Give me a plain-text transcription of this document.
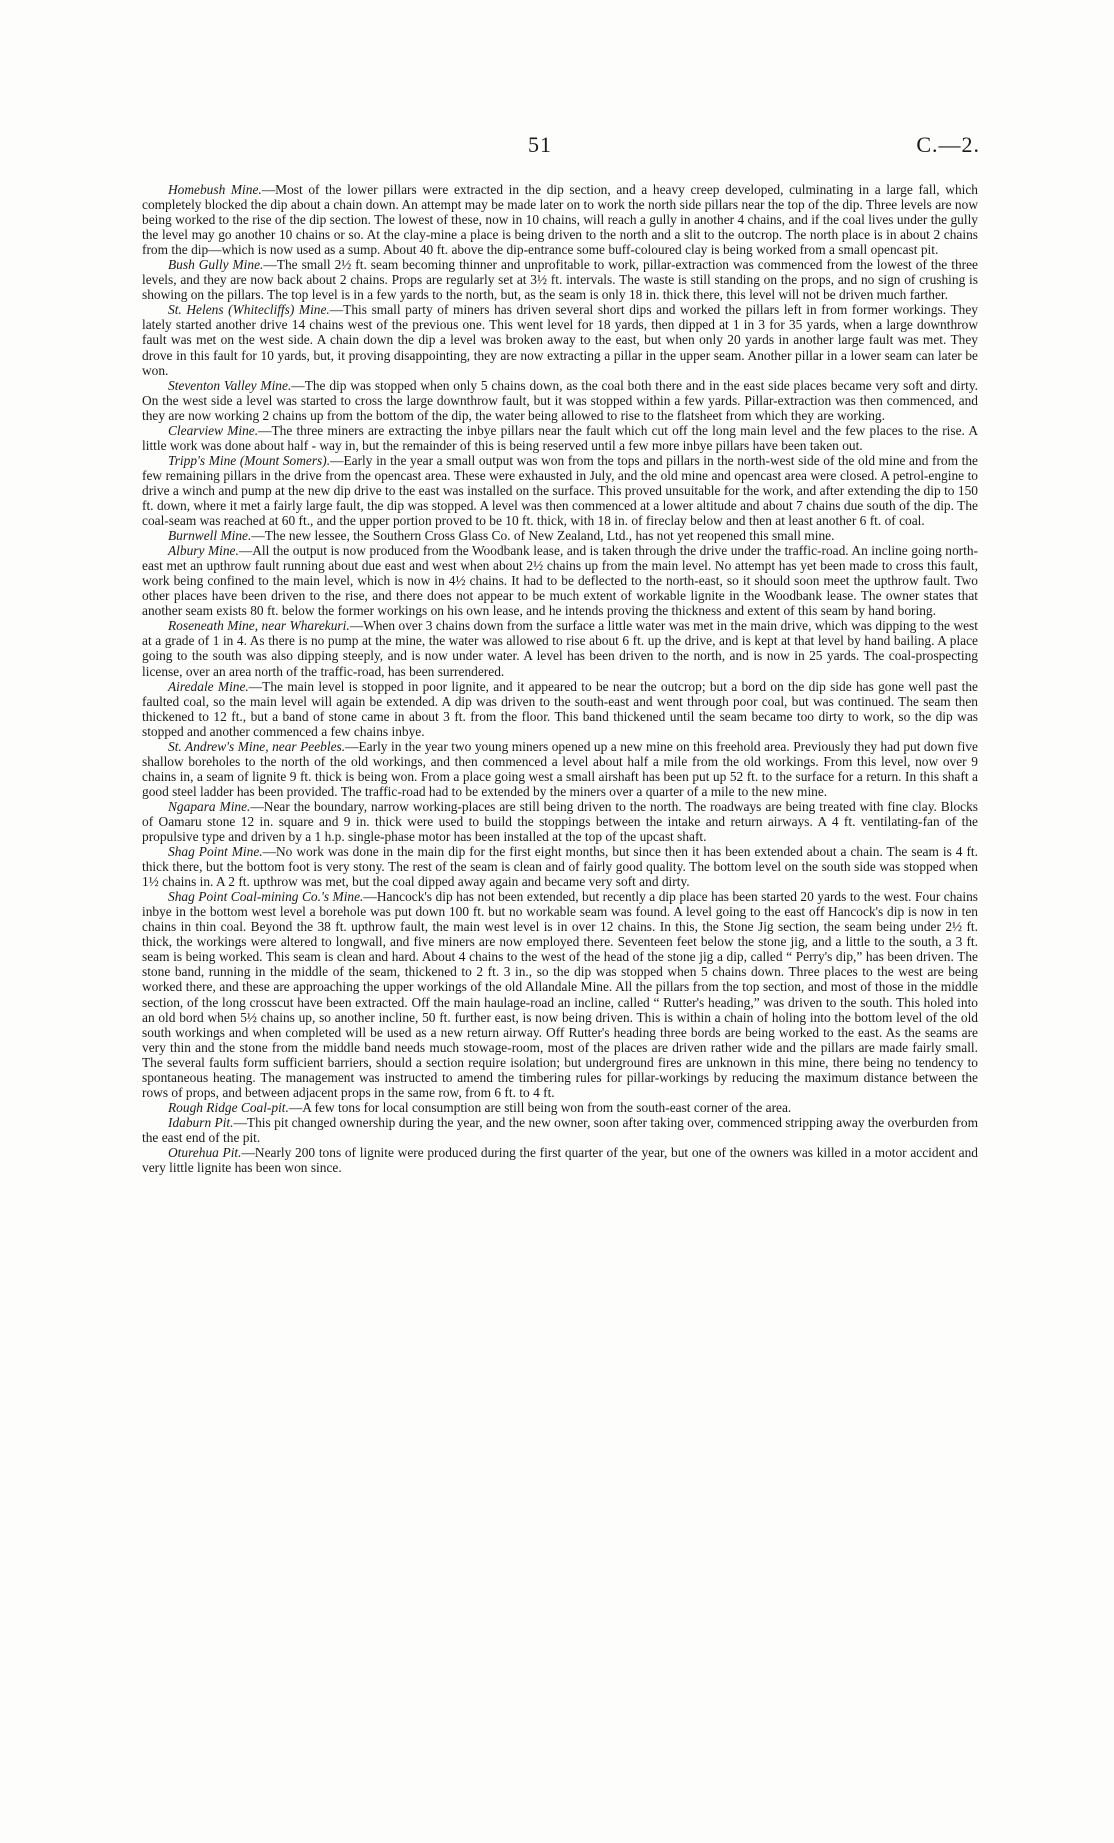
51	C.—2.

Homebush Mine.—Most of the lower pillars were extracted in the dip section, and a heavy creep developed, culminating in a large fall, which completely blocked the dip about a chain down. An attempt may be made later on to work the north side pillars near the top of the dip. Three levels are now being worked to the rise of the dip section. The lowest of these, now in 10 chains, will reach a gully in another 4 chains, and if the coal lives under the gully the level may go another 10 chains or so. At the clay-mine a place is being driven to the north and a slit to the outcrop. The north place is in about 2 chains from the dip—which is now used as a sump. About 40 ft. above the dip-entrance some buff-coloured clay is being worked from a small opencast pit.

Bush Gully Mine.—The small 2½ ft. seam becoming thinner and unprofitable to work, pillar-extraction was commenced from the lowest of the three levels, and they are now back about 2 chains. Props are regularly set at 3½ ft. intervals. The waste is still standing on the props, and no sign of crushing is showing on the pillars. The top level is in a few yards to the north, but, as the seam is only 18 in. thick there, this level will not be driven much farther.

St. Helens (Whitecliffs) Mine.—This small party of miners has driven several short dips and worked the pillars left in from former workings. They lately started another drive 14 chains west of the previous one. This went level for 18 yards, then dipped at 1 in 3 for 35 yards, when a large downthrow fault was met on the west side. A chain down the dip a level was broken away to the east, but when only 20 yards in another large fault was met. They drove in this fault for 10 yards, but, it proving disappointing, they are now extracting a pillar in the upper seam. Another pillar in a lower seam can later be won.

Steventon Valley Mine.—The dip was stopped when only 5 chains down, as the coal both there and in the east side places became very soft and dirty. On the west side a level was started to cross the large downthrow fault, but it was stopped within a few yards. Pillar-extraction was then commenced, and they are now working 2 chains up from the bottom of the dip, the water being allowed to rise to the flatsheet from which they are working.

Clearview Mine.—The three miners are extracting the inbye pillars near the fault which cut off the long main level and the few places to the rise. A little work was done about half - way in, but the remainder of this is being reserved until a few more inbye pillars have been taken out.

Tripp's Mine (Mount Somers).—Early in the year a small output was won from the tops and pillars in the north-west side of the old mine and from the few remaining pillars in the drive from the opencast area. These were exhausted in July, and the old mine and opencast area were closed. A petrol-engine to drive a winch and pump at the new dip drive to the east was installed on the surface. This proved unsuitable for the work, and after extending the dip to 150 ft. down, where it met a fairly large fault, the dip was stopped. A level was then commenced at a lower altitude and about 7 chains due south of the dip. The coal-seam was reached at 60 ft., and the upper portion proved to be 10 ft. thick, with 18 in. of fireclay below and then at least another 6 ft. of coal.

Burnwell Mine.—The new lessee, the Southern Cross Glass Co. of New Zealand, Ltd., has not yet reopened this small mine.

Albury Mine.—All the output is now produced from the Woodbank lease, and is taken through the drive under the traffic-road. An incline going north-east met an upthrow fault running about due east and west when about 2½ chains up from the main level. No attempt has yet been made to cross this fault, work being confined to the main level, which is now in 4½ chains. It had to be deflected to the north-east, so it should soon meet the upthrow fault. Two other places have been driven to the rise, and there does not appear to be much extent of workable lignite in the Woodbank lease. The owner states that another seam exists 80 ft. below the former workings on his own lease, and he intends proving the thickness and extent of this seam by hand boring.

Roseneath Mine, near Wharekuri.—When over 3 chains down from the surface a little water was met in the main drive, which was dipping to the west at a grade of 1 in 4. As there is no pump at the mine, the water was allowed to rise about 6 ft. up the drive, and is kept at that level by hand bailing. A place going to the south was also dipping steeply, and is now under water. A level has been driven to the north, and is now in 25 yards. The coal-prospecting license, over an area north of the traffic-road, has been surrendered.

Airedale Mine.—The main level is stopped in poor lignite, and it appeared to be near the outcrop; but a bord on the dip side has gone well past the faulted coal, so the main level will again be extended. A dip was driven to the south-east and went through poor coal, but was continued. The seam then thickened to 12 ft., but a band of stone came in about 3 ft. from the floor. This band thickened until the seam became too dirty to work, so the dip was stopped and another commenced a few chains inbye.

St. Andrew's Mine, near Peebles.—Early in the year two young miners opened up a new mine on this freehold area. Previously they had put down five shallow boreholes to the north of the old workings, and then commenced a level about half a mile from the old workings. From this level, now over 9 chains in, a seam of lignite 9 ft. thick is being won. From a place going west a small airshaft has been put up 52 ft. to the surface for a return. In this shaft a good steel ladder has been provided. The traffic-road had to be extended by the miners over a quarter of a mile to the new mine.

Ngapara Mine.—Near the boundary, narrow working-places are still being driven to the north. The roadways are being treated with fine clay. Blocks of Oamaru stone 12 in. square and 9 in. thick were used to build the stoppings between the intake and return airways. A 4 ft. ventilating-fan of the propulsive type and driven by a 1 h.p. single-phase motor has been installed at the top of the upcast shaft.

Shag Point Mine.—No work was done in the main dip for the first eight months, but since then it has been extended about a chain. The seam is 4 ft. thick there, but the bottom foot is very stony. The rest of the seam is clean and of fairly good quality. The bottom level on the south side was stopped when 1½ chains in. A 2 ft. upthrow was met, but the coal dipped away again and became very soft and dirty.

Shag Point Coal-mining Co.'s Mine.—Hancock's dip has not been extended, but recently a dip place has been started 20 yards to the west. Four chains inbye in the bottom west level a borehole was put down 100 ft. but no workable seam was found. A level going to the east off Hancock's dip is now in ten chains in thin coal. Beyond the 38 ft. upthrow fault, the main west level is in over 12 chains. In this, the Stone Jig section, the seam being under 2½ ft. thick, the workings were altered to longwall, and five miners are now employed there. Seventeen feet below the stone jig, and a little to the south, a 3 ft. seam is being worked. This seam is clean and hard. About 4 chains to the west of the head of the stone jig a dip, called “ Perry's dip,” has been driven. The stone band, running in the middle of the seam, thickened to 2 ft. 3 in., so the dip was stopped when 5 chains down. Three places to the west are being worked there, and these are approaching the upper workings of the old Allandale Mine. All the pillars from the top section, and most of those in the middle section, of the long crosscut have been extracted. Off the main haulage-road an incline, called “ Rutter's heading,” was driven to the south. This holed into an old bord when 5½ chains up, so another incline, 50 ft. further east, is now being driven. This is within a chain of holing into the bottom level of the old south workings and when completed will be used as a new return airway. Off Rutter's heading three bords are being worked to the east. As the seams are very thin and the stone from the middle band needs much stowage-room, most of the places are driven rather wide and the pillars are made fairly small. The several faults form sufficient barriers, should a section require isolation; but underground fires are unknown in this mine, there being no tendency to spontaneous heating. The management was instructed to amend the timbering rules for pillar-workings by reducing the maximum distance between the rows of props, and between adjacent props in the same row, from 6 ft. to 4 ft.

Rough Ridge Coal-pit.—A few tons for local consumption are still being won from the south-east corner of the area.

Idaburn Pit.—This pit changed ownership during the year, and the new owner, soon after taking over, commenced stripping away the overburden from the east end of the pit.

Oturehua Pit.—Nearly 200 tons of lignite were produced during the first quarter of the year, but one of the owners was killed in a motor accident and very little lignite has been won since.
